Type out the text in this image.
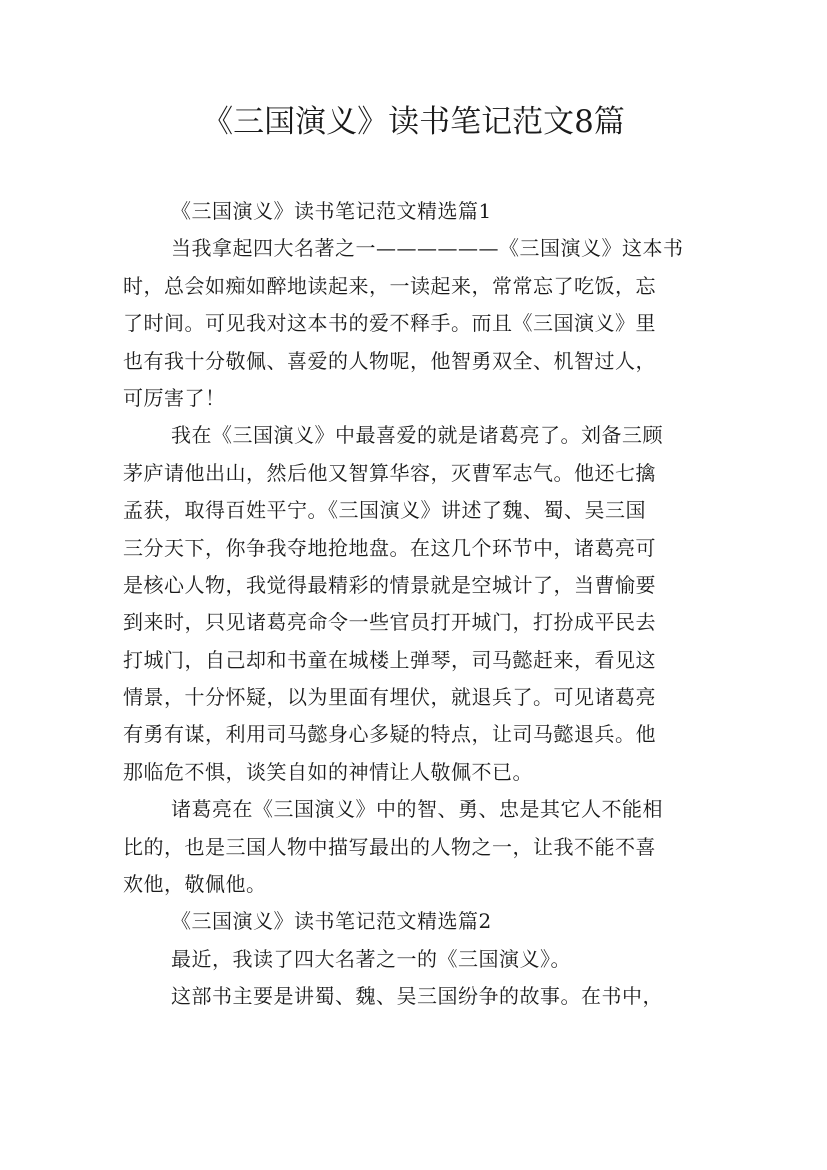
《三国演义》读书笔记范文8篇
《三国演义》读书笔记范文精选篇1
当我拿起四大名著之一——————《三国演义》这本书
时，总会如痴如醉地读起来，一读起来，常常忘了吃饭，忘
了时间。可见我对这本书的爱不释手。而且《三国演义》里
也有我十分敬佩、喜爱的人物呢，他智勇双全、机智过人，
可厉害了！
我在《三国演义》中最喜爱的就是诸葛亮了。刘备三顾
茅庐请他出山，然后他又智算华容，灭曹军志气。他还七擒
孟获，取得百姓平宁。《三国演义》讲述了魏、蜀、吴三国
三分天下，你争我夺地抢地盘。在这几个环节中，诸葛亮可
是核心人物，我觉得最精彩的情景就是空城计了，当曹愉要
到来时，只见诸葛亮命令一些官员打开城门，打扮成平民去
打城门，自己却和书童在城楼上弹琴，司马懿赶来，看见这
情景，十分怀疑，以为里面有埋伏，就退兵了。可见诸葛亮
有勇有谋，利用司马懿身心多疑的特点，让司马懿退兵。他
那临危不惧，谈笑自如的神情让人敬佩不已。
诸葛亮在《三国演义》中的智、勇、忠是其它人不能相
比的，也是三国人物中描写最出的人物之一，让我不能不喜
欢他，敬佩他。
《三国演义》读书笔记范文精选篇2
最近，我读了四大名著之一的《三国演义》。
这部书主要是讲蜀、魏、吴三国纷争的故事。在书中，
